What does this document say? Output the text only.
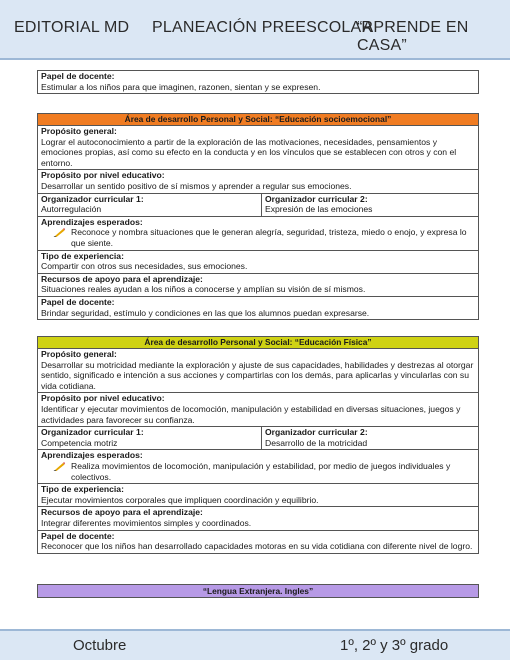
EDITORIAL MD PLANEACIÓN PREESCOLAR
“APRENDE EN CASA”
Papel de docente:
Estimular a los niños para que imaginen, razonen, sientan y se expresen.
Área de desarrollo Personal y Social: “Educación socioemocional”
Propósito general:
Lograr el autoconocimiento a partir de la exploración de las motivaciones, necesidades, pensamientos y emociones propias, así como su efecto en la conducta y en los vínculos que se establecen con otros y con el entorno.
Propósito por nivel educativo:
Desarrollar un sentido positivo de sí mismos y aprender a regular sus emociones.
Organizador curricular 1:
Autorregulación
Organizador curricular 2:
Expresión de las emociones
Aprendizajes esperados:
Reconoce y nombra situaciones que le generan alegría, seguridad, tristeza, miedo o enojo, y expresa lo que siente.
Tipo de experiencia:
Compartir con otros sus necesidades, sus emociones.
Recursos de apoyo para el aprendizaje:
Situaciones reales ayudan a los niños a conocerse y amplían su visión de sí mismos.
Papel de docente:
Brindar seguridad, estímulo y condiciones en las que los alumnos puedan expresarse.
Área de desarrollo Personal y Social: “Educación Física”
Propósito general:
Desarrollar su motricidad mediante la exploración y ajuste de sus capacidades, habilidades y destrezas al otorgar sentido, significado e intención a sus acciones y compartirlas con los demás, para aplicarlas y vincularlas con su vida cotidiana.
Propósito por nivel educativo:
Identificar y ejecutar movimientos de locomoción, manipulación y estabilidad en diversas situaciones, juegos y actividades para favorecer su confianza.
Organizador curricular 1:
Competencia motriz
Organizador curricular 2:
Desarrollo de la motricidad
Aprendizajes esperados:
Realiza movimientos de locomoción, manipulación y estabilidad, por medio de juegos individuales y colectivos.
Tipo de experiencia:
Ejecutar movimientos corporales que impliquen coordinación y equilibrio.
Recursos de apoyo para el aprendizaje:
Integrar diferentes movimientos simples y coordinados.
Papel de docente:
Reconocer que los niños han desarrollado capacidades motoras en su vida cotidiana con diferente nivel de logro.
“Lengua Extranjera. Ingles”
Octubre	1º, 2º y 3º grado
